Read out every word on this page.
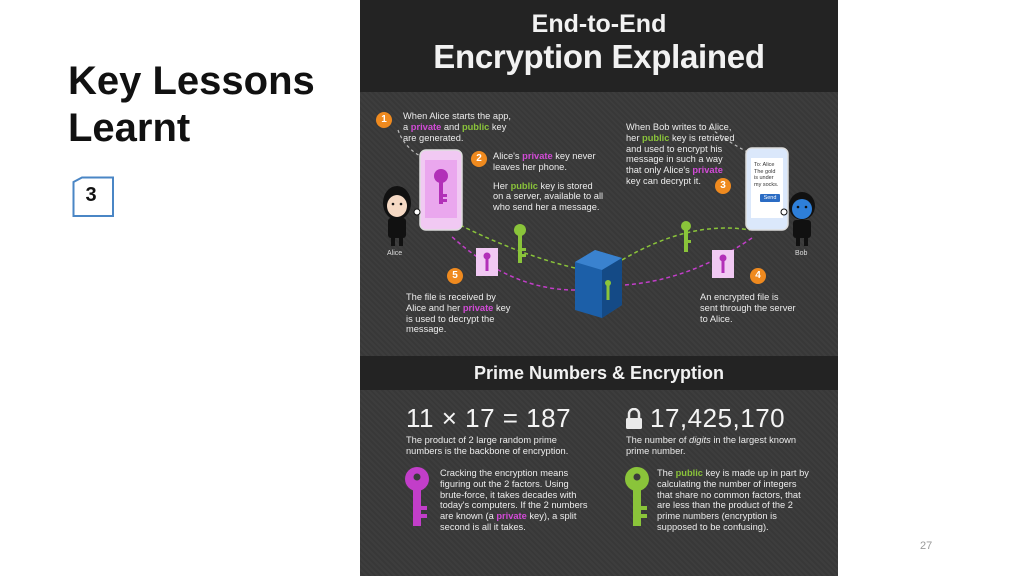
Key Lessons Learnt
3
End-to-End
Encryption Explained
1
2
3
4
5
Alice	Bob
When Alice starts the app,
a private and public key
are generated.
Alice's private key never
leaves her phone.

Her public key is stored
on a server, available to all
who send her a message.
When Bob writes to Alice,
her public key is retrieved
and used to encrypt his
message in such a way
that only Alice's private
key can decrypt it.
To: Alice
The gold
is under
my socks.
Send
An encrypted file is
sent through the server
to Alice.
The file is received by
Alice and her private key
is used to decrypt the
message.
Prime Numbers & Encryption
11 × 17 = 187
The product of 2 large random prime
numbers is the backbone of encryption.
17,425,170
The number of digits in the largest known
prime number.
Cracking the encryption means
figuring out the 2 factors. Using
brute-force, it takes decades with
today's computers. If the 2 numbers
are known (a private key), a split
second is all it takes.
The public key is made up in part by
calculating the number of integers
that share no common factors, that
are less than the product of the 2
prime numbers (encryption is
supposed to be confusing).
27
